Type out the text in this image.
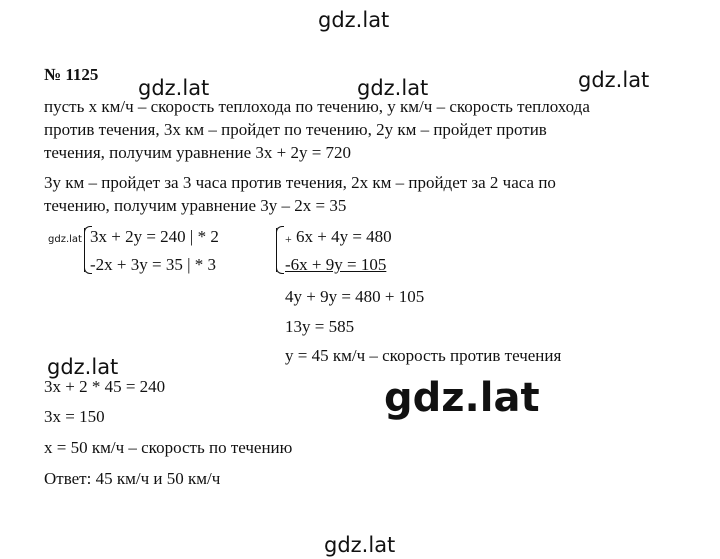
gdz.lat
gdz.lat	gdz.lat	gdz.lat
gdz.lat
gdz.lat
gdz.lat
gdz.lat
№ 1125
пусть х км/ч – скорость теплохода по течению, у км/ч – скорость теплохода
против течения, 3х км – пройдет по течению, 2у км – пройдет против
течения, получим уравнение 3х + 2у = 720
3у км – пройдет за 3 часа против течения, 2х км – пройдет за 2 часа по
течению, получим уравнение 3у – 2х = 35
3x + 2y = 240 | * 2
-2x + 3y = 35 | * 3
+ 6x + 4y = 480
-6x + 9y = 105
4y + 9y = 480 + 105
13y = 585
y = 45 км/ч – скорость против течения
3x + 2 * 45 = 240
3x = 150
x = 50 км/ч – скорость по течению
Ответ: 45 км/ч и 50 км/ч
